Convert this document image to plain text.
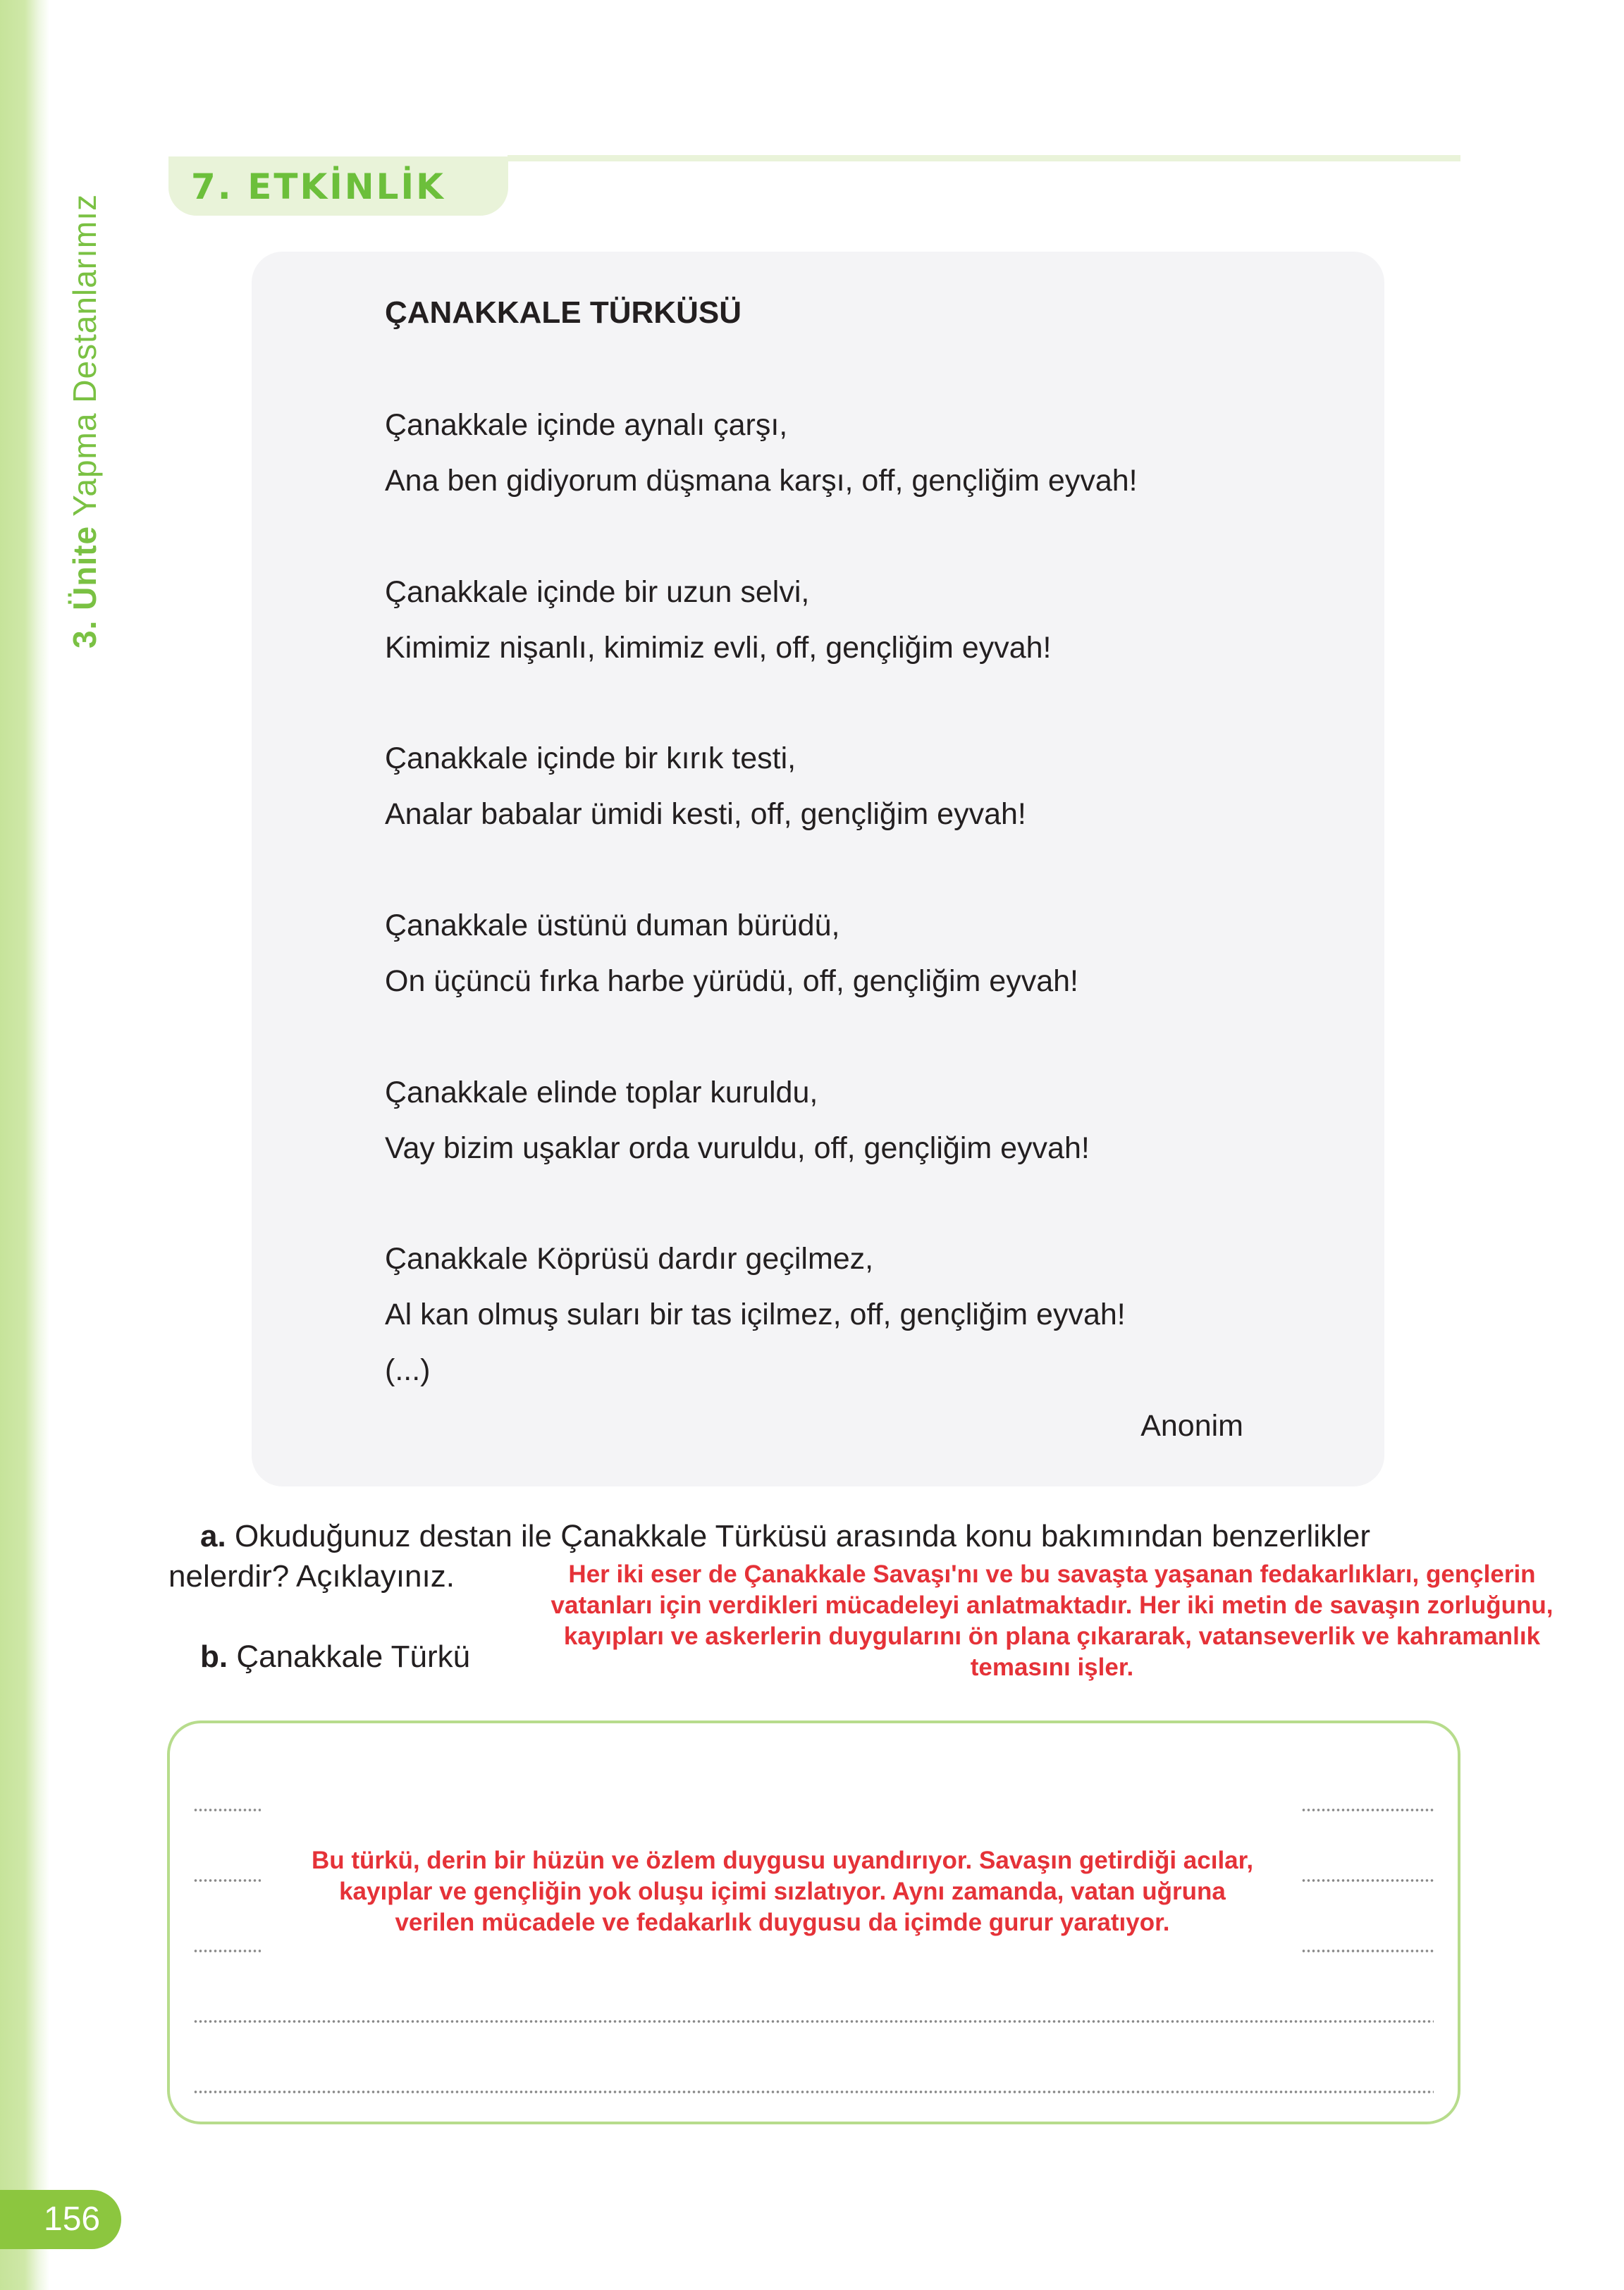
3. Ünite Yapma Destanlarımız
7. ETKİNLİK
ÇANAKKALE TÜRKÜSÜ
Çanakkale içinde aynalı çarşı,
Ana ben gidiyorum düşmana karşı, off, gençliğim eyvah!
Çanakkale içinde bir uzun selvi,
Kimimiz nişanlı, kimimiz evli, off, gençliğim eyvah!
Çanakkale içinde bir kırık testi,
Analar babalar ümidi kesti, off, gençliğim eyvah!
Çanakkale üstünü duman bürüdü,
On üçüncü fırka harbe yürüdü, off, gençliğim eyvah!
Çanakkale elinde toplar kuruldu,
Vay bizim uşaklar orda vuruldu, off, gençliğim eyvah!
Çanakkale Köprüsü dardır geçilmez,
Al kan olmuş suları bir tas içilmez, off, gençliğim eyvah!
(...)
Anonim
a. Okuduğunuz destan ile Çanakkale Türküsü arasında konu bakımından benzerlikler
nelerdir? Açıklayınız.	Her iki eser de Çanakkale Savaşı'nı ve bu savaşta yaşanan fedakarlıkları, gençlerin
vatanları için verdikleri mücadeleyi anlatmaktadır. Her iki metin de savaşın zorluğunu,
kayıpları ve askerlerin duygularını ön plana çıkararak, vatanseverlik ve kahramanlık
temasını işler.
b. Çanakkale Türkü
Bu türkü, derin bir hüzün ve özlem duygusu uyandırıyor. Savaşın getirdiği acılar,
kayıplar ve gençliğin yok oluşu içimi sızlatıyor. Aynı zamanda, vatan uğruna
verilen mücadele ve fedakarlık duygusu da içimde gurur yaratıyor.
156
